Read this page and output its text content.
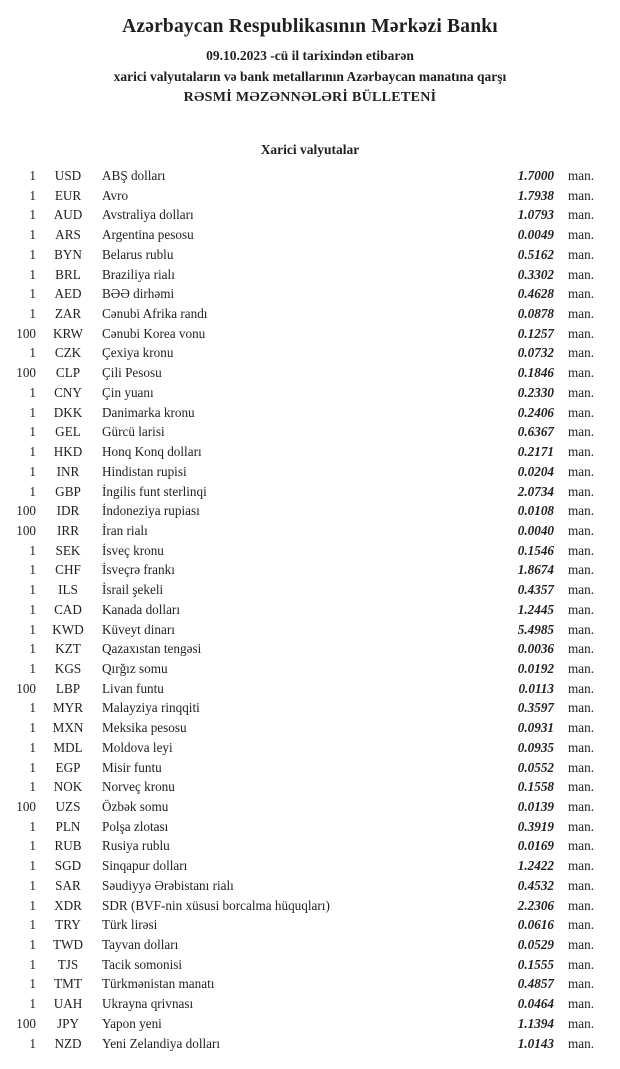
Azərbaycan Respublikasının Mərkəzi Bankı
09.10.2023 -cü il tarixindən etibarən
xarici valyutaların və bank metallarının Azərbaycan manatına qarşı
RƏSMİ MƏZƏNNƏLƏRİ BÜLLETENİ
Xarici valyutalar
1	USD	ABŞ dolları	1.7000 man.
1	EUR	Avro	1.7938 man.
1	AUD	Avstraliya dolları	1.0793 man.
1	ARS	Argentina pesosu	0.0049 man.
1	BYN	Belarus rublu	0.5162 man.
1	BRL	Braziliya rialı	0.3302 man.
1	AED	BƏƏ dirhəmi	0.4628 man.
1	ZAR	Cənubi Afrika randı	0.0878 man.
100	KRW	Cənubi Korea vonu	0.1257 man.
1	CZK	Çexiya kronu	0.0732 man.
100	CLP	Çili Pesosu	0.1846 man.
1	CNY	Çin yuanı	0.2330 man.
1	DKK	Danimarka kronu	0.2406 man.
1	GEL	Gürcü larisi	0.6367 man.
1	HKD	Honq Konq dolları	0.2171 man.
1	INR	Hindistan rupisi	0.0204 man.
1	GBP	İngilis funt sterlinqi	2.0734 man.
100	IDR	İndoneziya rupiası	0.0108 man.
100	IRR	İran rialı	0.0040 man.
1	SEK	İsveç kronu	0.1546 man.
1	CHF	İsveçrə frankı	1.8674 man.
1	ILS	İsrail şekeli	0.4357 man.
1	CAD	Kanada dolları	1.2445 man.
1	KWD	Küveyt dinarı	5.4985 man.
1	KZT	Qazaxıstan tengəsi	0.0036 man.
1	KGS	Qırğız somu	0.0192 man.
100	LBP	Livan funtu	0.0113 man.
1	MYR	Malayziya rinqqiti	0.3597 man.
1	MXN	Meksika pesosu	0.0931 man.
1	MDL	Moldova leyi	0.0935 man.
1	EGP	Misir funtu	0.0552 man.
1	NOK	Norveç kronu	0.1558 man.
100	UZS	Özbək somu	0.0139 man.
1	PLN	Polşa zlotası	0.3919 man.
1	RUB	Rusiya rublu	0.0169 man.
1	SGD	Sinqapur dolları	1.2422 man.
1	SAR	Səudiyyə Ərəbistanı rialı	0.4532 man.
1	XDR	SDR (BVF-nin xüsusi borcalma hüquqları)	2.2306 man.
1	TRY	Türk lirəsi	0.0616 man.
1	TWD	Tayvan dolları	0.0529 man.
1	TJS	Tacik somonisi	0.1555 man.
1	TMT	Türkmənistan manatı	0.4857 man.
1	UAH	Ukrayna qrivnası	0.0464 man.
100	JPY	Yapon yeni	1.1394 man.
1	NZD	Yeni Zelandiya dolları	1.0143 man.
